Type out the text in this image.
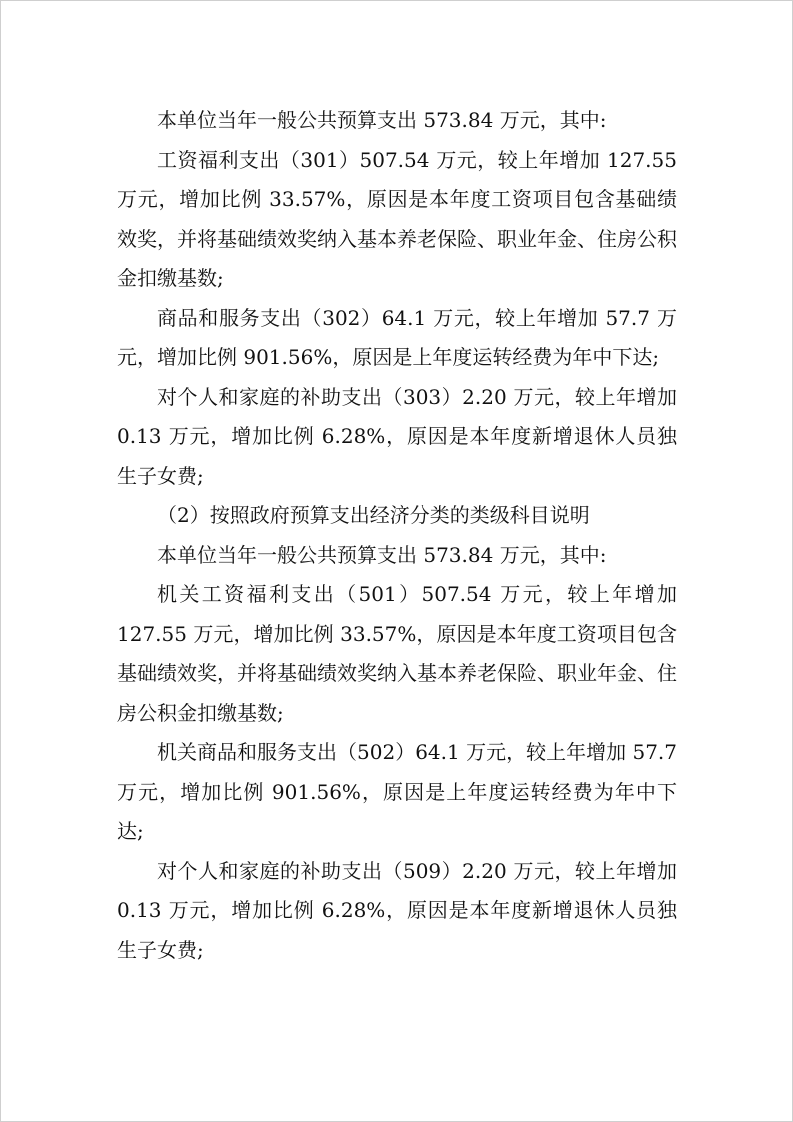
本单位当年一般公共预算支出 573.84 万元，其中:

工资福利支出（301）507.54 万元，较上年增加 127.55 万元，增加比例 33.57%，原因是本年度工资项目包含基础绩效奖，并将基础绩效奖纳入基本养老保险、职业年金、住房公积金扣缴基数;

商品和服务支出（302）64.1 万元，较上年增加 57.7 万元，增加比例 901.56%，原因是上年度运转经费为年中下达;

对个人和家庭的补助支出（303）2.20 万元，较上年增加 0.13 万元，增加比例 6.28%，原因是本年度新增退休人员独生子女费;

（2）按照政府预算支出经济分类的类级科目说明

本单位当年一般公共预算支出 573.84 万元，其中:

机关工资福利支出（501）507.54 万元，较上年增加 127.55 万元，增加比例 33.57%，原因是本年度工资项目包含基础绩效奖，并将基础绩效奖纳入基本养老保险、职业年金、住房公积金扣缴基数;

机关商品和服务支出（502）64.1 万元，较上年增加 57.7 万元，增加比例 901.56%，原因是上年度运转经费为年中下达;

对个人和家庭的补助支出（509）2.20 万元，较上年增加 0.13 万元，增加比例 6.28%，原因是本年度新增退休人员独生子女费;
